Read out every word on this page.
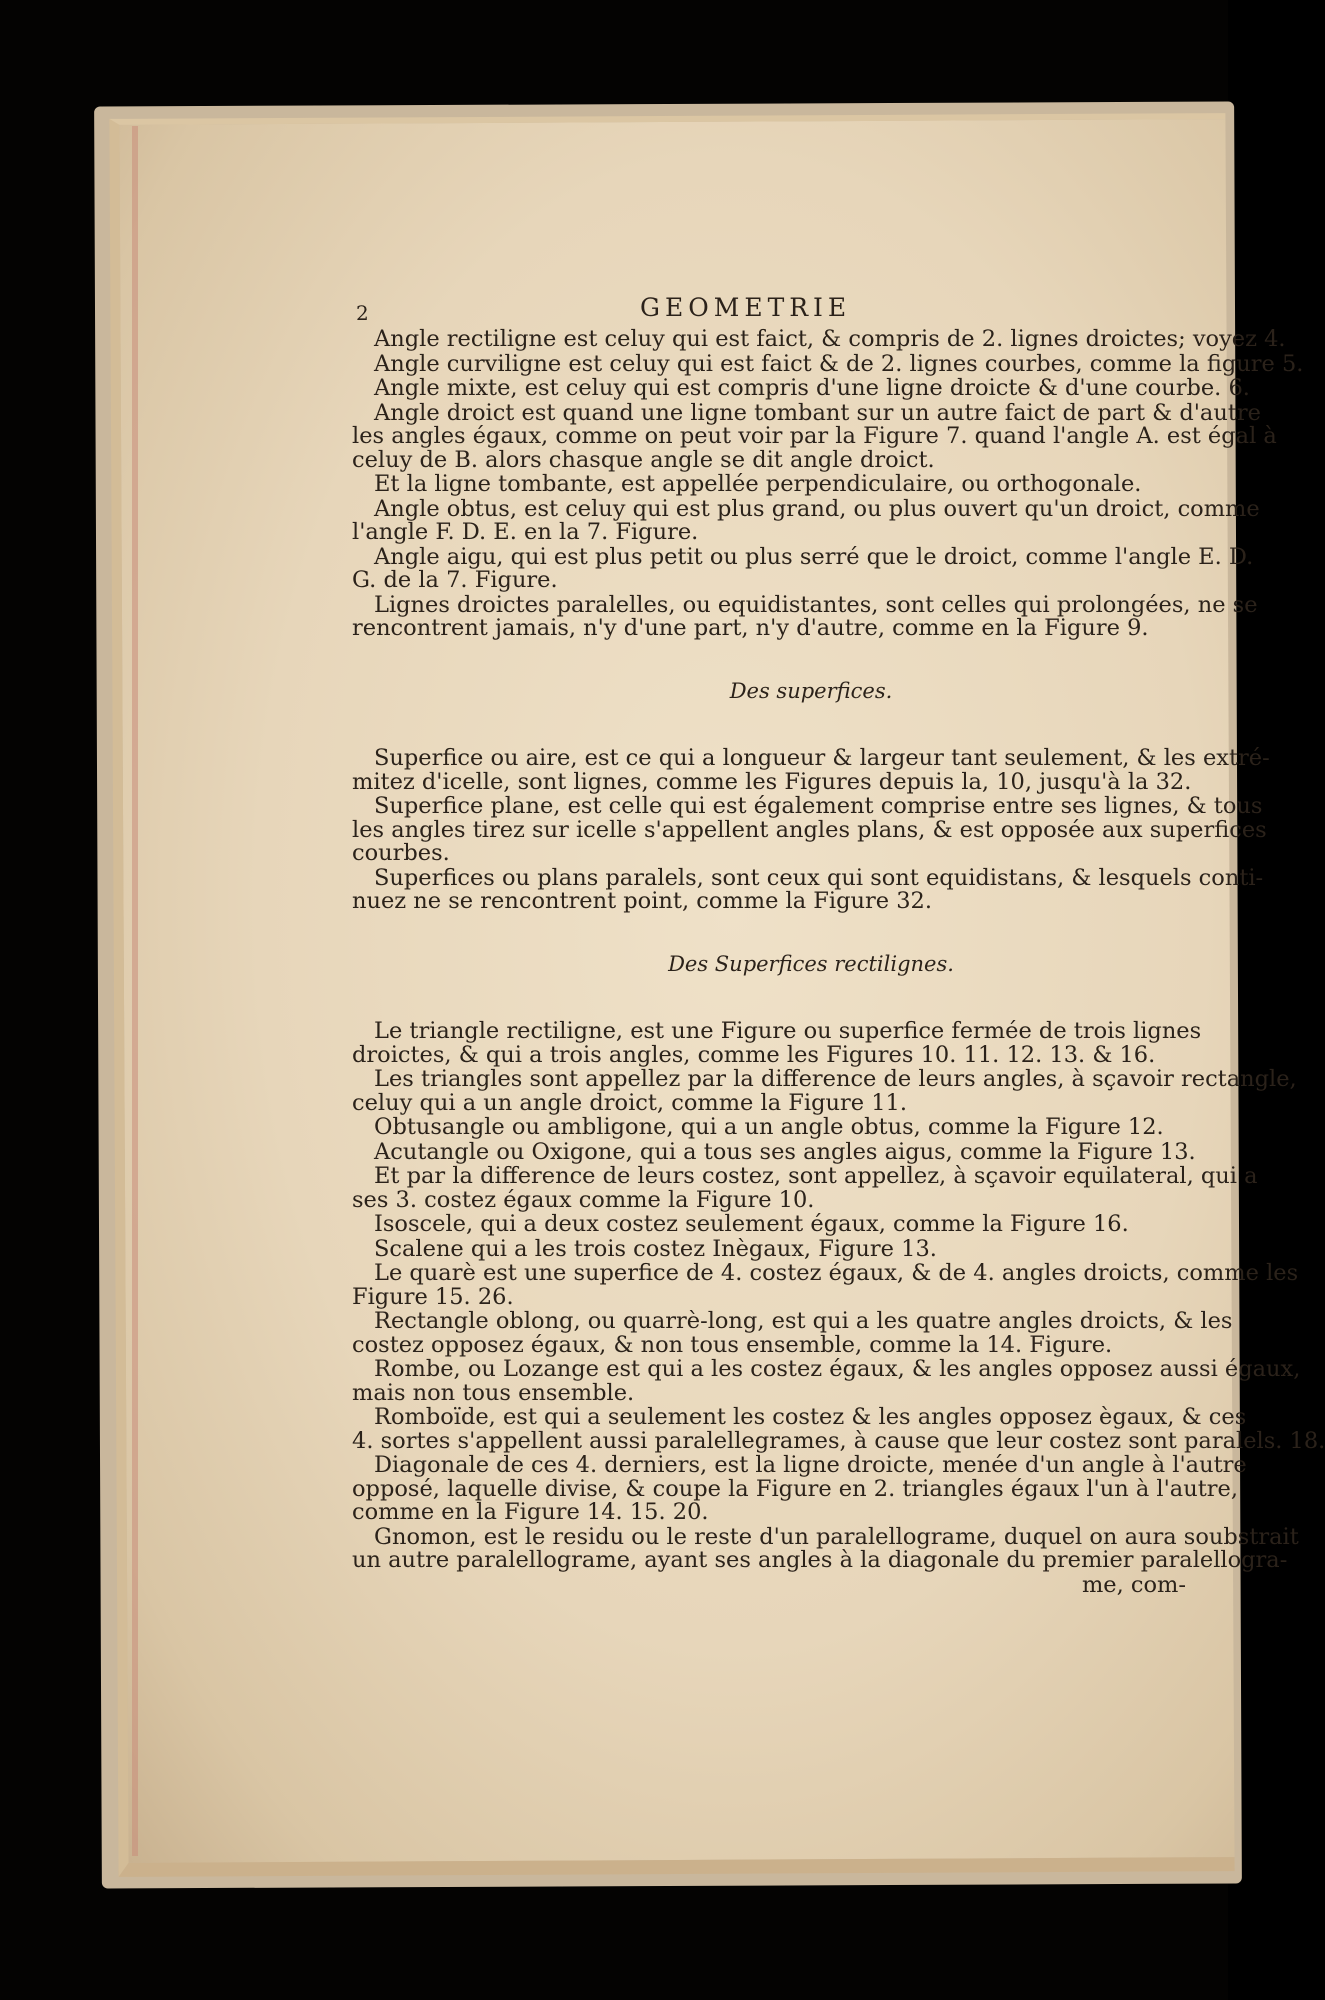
2	GEOMETRIE
Angle rectiligne est celuy qui est faict, & compris de 2. lignes droictes; voyez 4.
Angle curviligne est celuy qui est faict & de 2. lignes courbes, comme la figure 5.
Angle mixte, est celuy qui est compris d'une ligne droicte & d'une courbe. 6.
Angle droict est quand une ligne tombant sur un autre faict de part & d'autre
les angles égaux, comme on peut voir par la Figure 7. quand l'angle A. est égal à
celuy de B. alors chasque angle se dit angle droict.
Et la ligne tombante, est appellée perpendiculaire, ou orthogonale.
Angle obtus, est celuy qui est plus grand, ou plus ouvert qu'un droict, comme
l'angle F. D. E. en la 7. Figure.
Angle aigu, qui est plus petit ou plus serré que le droict, comme l'angle E. D.
G. de la 7. Figure.
Lignes droictes paralelles, ou equidistantes, sont celles qui prolongées, ne se
rencontrent jamais, n'y d'une part, n'y d'autre, comme en la Figure 9.
Des superfices.
Superfice ou aire, est ce qui a longueur & largeur tant seulement, & les extré-
mitez d'icelle, sont lignes, comme les Figures depuis la, 10, jusqu'à la 32.
Superfice plane, est celle qui est également comprise entre ses lignes, & tous
les angles tirez sur icelle s'appellent angles plans, & est opposée aux superfices
courbes.
Superfices ou plans paralels, sont ceux qui sont equidistans, & lesquels conti-
nuez ne se rencontrent point, comme la Figure 32.
Des Superfices rectilignes.
Le triangle rectiligne, est une Figure ou superfice fermée de trois lignes
droictes, & qui a trois angles, comme les Figures 10. 11. 12. 13. & 16.
Les triangles sont appellez par la difference de leurs angles, à sçavoir rectangle,
celuy qui a un angle droict, comme la Figure 11.
Obtusangle ou ambligone, qui a un angle obtus, comme la Figure 12.
Acutangle ou Oxigone, qui a tous ses angles aigus, comme la Figure 13.
Et par la difference de leurs costez, sont appellez, à sçavoir equilateral, qui a
ses 3. costez égaux comme la Figure 10.
Isoscele, qui a deux costez seulement égaux, comme la Figure 16.
Scalene qui a les trois costez Inègaux, Figure 13.
Le quarè est une superfice de 4. costez égaux, & de 4. angles droicts, comme les
Figure 15. 26.
Rectangle oblong, ou quarrè-long, est qui a les quatre angles droicts, & les
costez opposez égaux, & non tous ensemble, comme la 14. Figure.
Rombe, ou Lozange est qui a les costez égaux, & les angles opposez aussi égaux,
mais non tous ensemble.
Romboïde, est qui a seulement les costez & les angles opposez ègaux, & ces
4. sortes s'appellent aussi paralellegrames, à cause que leur costez sont paralels. 18.
Diagonale de ces 4. derniers, est la ligne droicte, menée d'un angle à l'autre
opposé, laquelle divise, & coupe la Figure en 2. triangles égaux l'un à l'autre,
comme en la Figure 14. 15. 20.
Gnomon, est le residu ou le reste d'un paralellograme, duquel on aura soubstrait
un autre paralellograme, ayant ses angles à la diagonale du premier paralellogra-
me, com-
